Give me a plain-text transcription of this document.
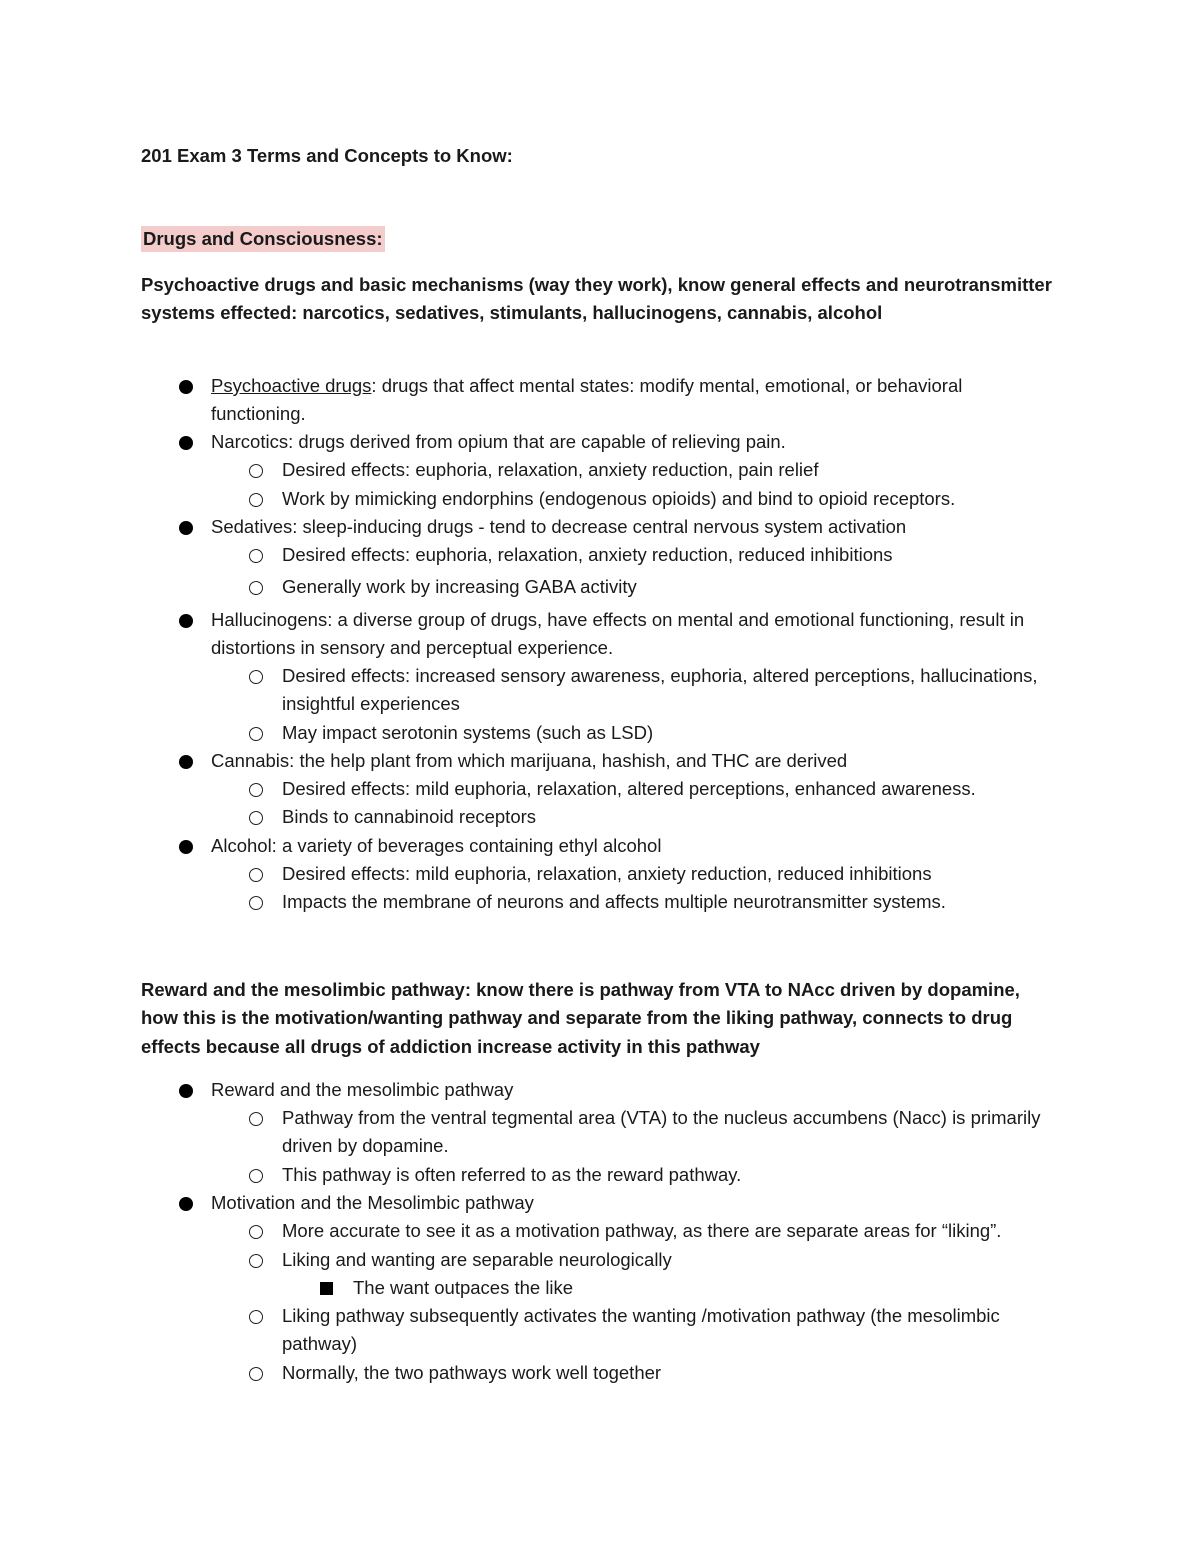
201 Exam 3 Terms and Concepts to Know:
Drugs and Consciousness:
Psychoactive drugs and basic mechanisms (way they work), know general effects and neurotransmitter systems effected: narcotics, sedatives, stimulants, hallucinogens, cannabis, alcohol
Psychoactive drugs: drugs that affect mental states: modify mental, emotional, or behavioral functioning.
Narcotics: drugs derived from opium that are capable of relieving pain.
Desired effects: euphoria, relaxation, anxiety reduction, pain relief
Work by mimicking endorphins (endogenous opioids) and bind to opioid receptors.
Sedatives: sleep-inducing drugs - tend to decrease central nervous system activation
Desired effects: euphoria, relaxation, anxiety reduction, reduced inhibitions
Generally work by increasing GABA activity
Hallucinogens: a diverse group of drugs, have effects on mental and emotional functioning, result in distortions in sensory and perceptual experience.
Desired effects: increased sensory awareness, euphoria, altered perceptions, hallucinations, insightful experiences
May impact serotonin systems (such as LSD)
Cannabis: the help plant from which marijuana, hashish, and THC are derived
Desired effects: mild euphoria, relaxation, altered perceptions, enhanced awareness.
Binds to cannabinoid receptors
Alcohol: a variety of beverages containing ethyl alcohol
Desired effects: mild euphoria, relaxation, anxiety reduction, reduced inhibitions
Impacts the membrane of neurons and affects multiple neurotransmitter systems.
Reward and the mesolimbic pathway: know there is pathway from VTA to NAcc driven by dopamine, how this is the motivation/wanting pathway and separate from the liking pathway, connects to drug effects because all drugs of addiction increase activity in this pathway
Reward and the mesolimbic pathway
Pathway from the ventral tegmental area (VTA) to the nucleus accumbens (Nacc) is primarily driven by dopamine.
This pathway is often referred to as the reward pathway.
Motivation and the Mesolimbic pathway
More accurate to see it as a motivation pathway, as there are separate areas for “liking”.
Liking and wanting are separable neurologically
The want outpaces the like
Liking pathway subsequently activates the wanting /motivation pathway (the mesolimbic pathway)
Normally, the two pathways work well together
